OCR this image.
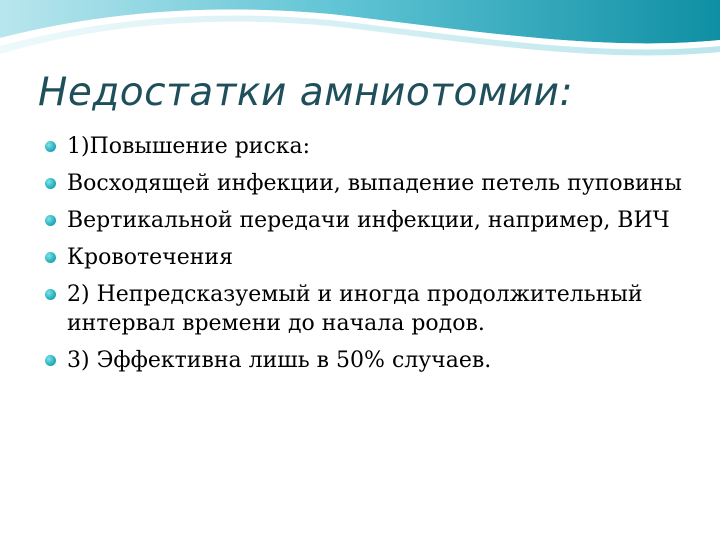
Недостатки амниотомии:
1)Повышение риска:
Восходящей инфекции, выпадение петель пуповины
Вертикальной передачи инфекции, например, ВИЧ
Кровотечения
2) Непредсказуемый и иногда продолжительный интервал времени до начала родов.
3) Эффективна лишь в 50% случаев.
